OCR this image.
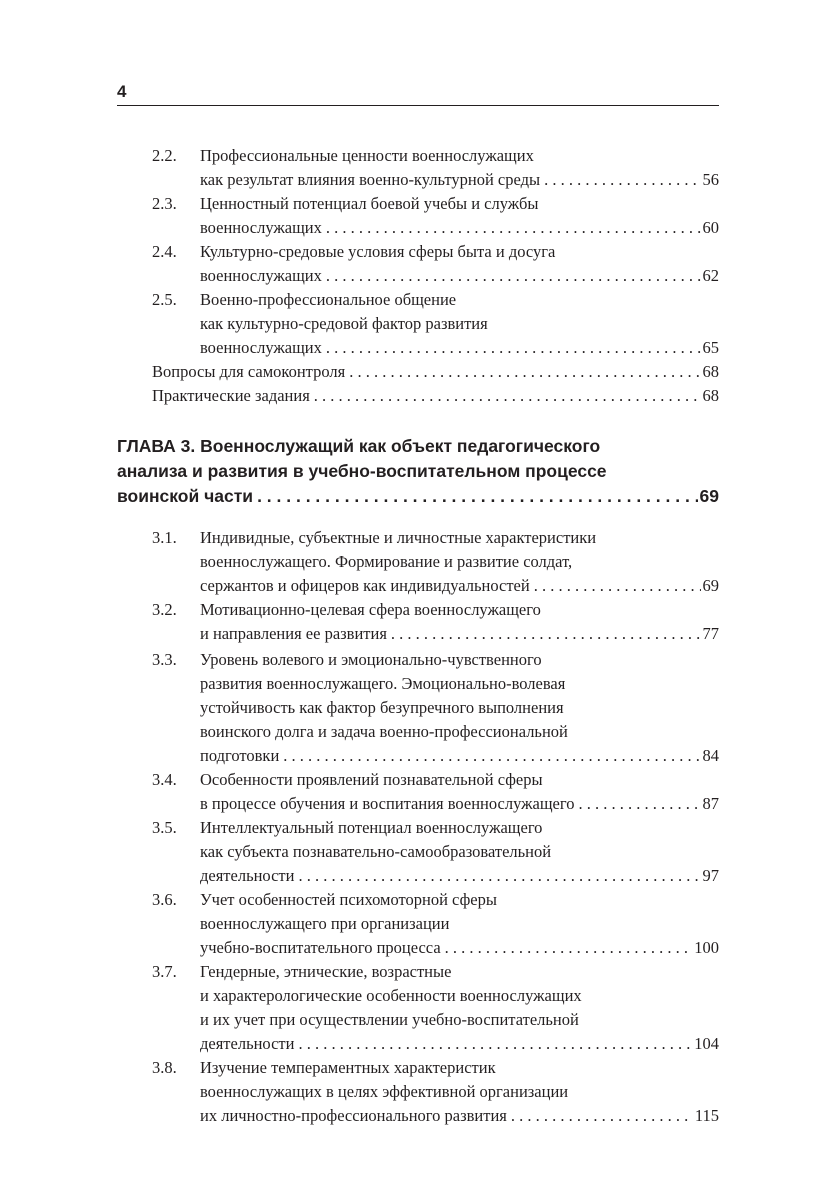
4
2.2. Профессиональные ценности военнослужащих
как результат влияния военно-культурной среды . . .	56
2.3. Ценностный потенциал боевой учебы и службы
военнослужащих . . .	60
2.4. Культурно-средовые условия сферы быта и досуга
военнослужащих . . .	62
2.5. Военно-профессиональное общение
как культурно-средовой фактор развития
военнослужащих . . .	65
Вопросы для самоконтроля . . .	68
Практические задания . . .	68
ГЛАВА 3. Военнослужащий как объект педагогического
анализа и развития в учебно-воспитательном процессе
воинской части . . .	69
3.1. Индивидные, субъектные и личностные характеристики
военнослужащего. Формирование и развитие солдат,
сержантов и офицеров как индивидуальностей . . .	69
3.2. Мотивационно-целевая сфера военнослужащего
и направления ее развития . . .	77
3.3. Уровень волевого и эмоционально-чувственного
развития военнослужащего. Эмоционально-волевая
устойчивость как фактор безупречного выполнения
воинского долга и задача военно-профессиональной
подготовки . . .	84
3.4. Особенности проявлений познавательной сферы
в процессе обучения и воспитания военнослужащего . . .	87
3.5. Интеллектуальный потенциал военнослужащего
как субъекта познавательно-самообразовательной
деятельности . . .	97
3.6. Учет особенностей психомоторной сферы
военнослужащего при организации
учебно-воспитательного процесса . . .	100
3.7. Гендерные, этнические, возрастные
и характерологические особенности военнослужащих
и их учет при осуществлении учебно-воспитательной
деятельности . . .	104
3.8. Изучение темпераментных характеристик
военнослужащих в целях эффективной организации
их личностно-профессионального развития . . .	115
